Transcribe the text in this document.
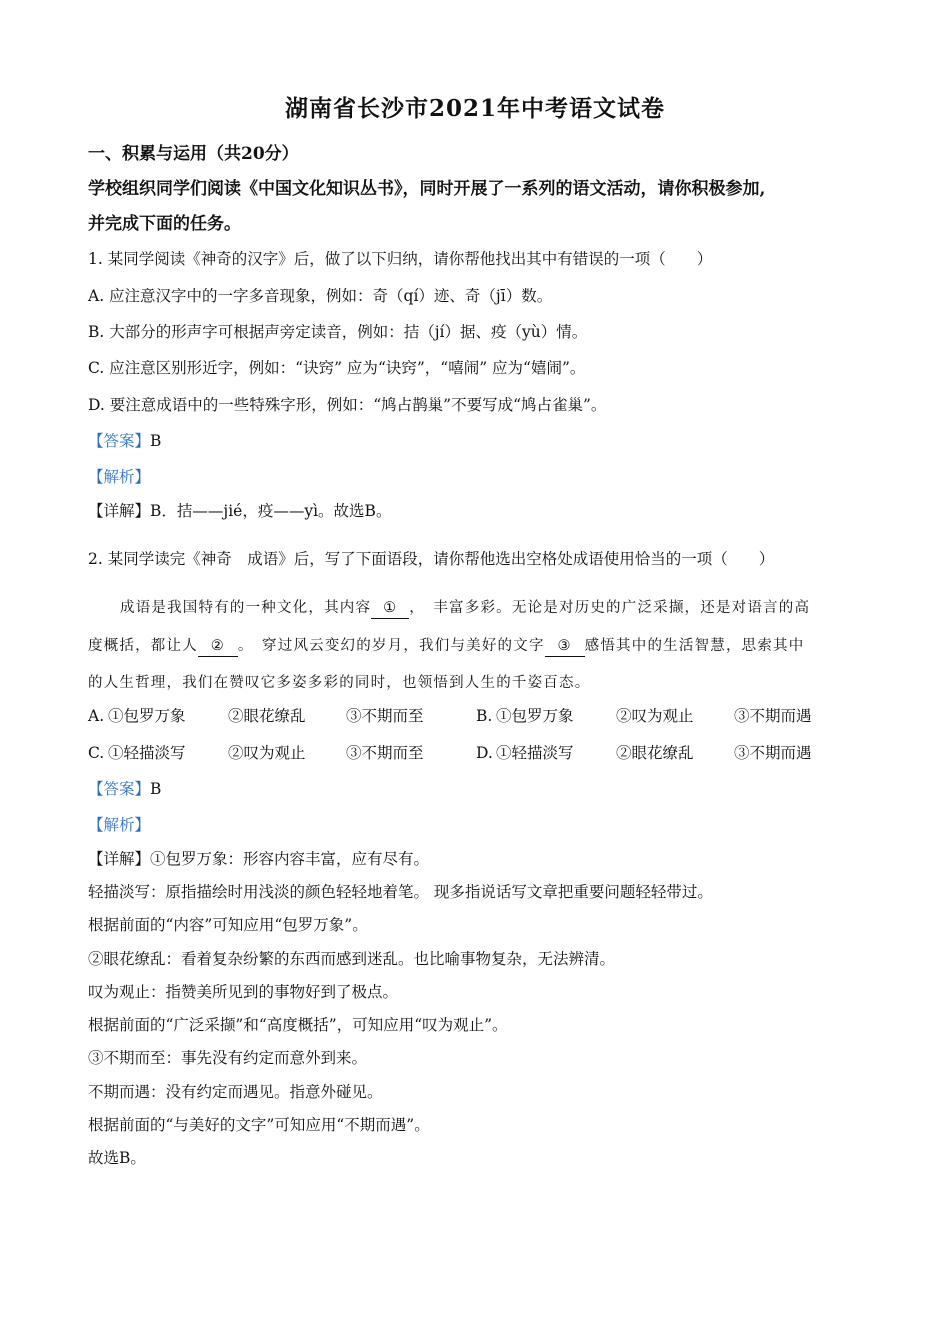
湖南省长沙市2021年中考语文试卷
一、积累与运用（共20分）
学校组织同学们阅读《中国文化知识丛书》，同时开展了一系列的语文活动，请你积极参加,
并完成下面的任务。
1. 某同学阅读《神奇的汉字》后，做了以下归纳，请你帮他找出其中有错误的一项（　　）
A. 应注意汉字中的一字多音现象，例如：奇（qí）迹、奇（jī）数。
B. 大部分的形声字可根据声旁定读音，例如：拮（jí）据、疫（yù）情。
C. 应注意区别形近字，例如：“诀窍” 应为“诀窍”，“嘻闹” 应为“嬉闹”。
D. 要注意成语中的一些特殊字形，例如：“鸠占鹊巢”不要写成“鸠占雀巢”。
【答案】B
【解析】
【详解】B．拮——jié，疫——yì。故选B。
2. 某同学读完《神奇　成语》后，写了下面语段，请你帮他选出空格处成语使用恰当的一项（　　）
成语是我国特有的一种文化，其内容 ① ，　丰富多彩。无论是对历史的广泛采撷，还是对语言的高
度概括，都让人 ② 。　穿过风云变幻的岁月，我们与美好的文字 ③ 感悟其中的生活智慧，思索其中
的人生哲理，我们在赞叹它多姿多彩的同时，也领悟到人生的千姿百态。
A. ①包罗万象	②眼花缭乱	③不期而至	B. ①包罗万象	②叹为观止	③不期而遇
C. ①轻描淡写	②叹为观止	③不期而至	D. ①轻描淡写	②眼花缭乱	③不期而遇
【答案】B
【解析】
【详解】①包罗万象：形容内容丰富，应有尽有。
轻描淡写：原指描绘时用浅淡的颜色轻轻地着笔。 现多指说话写文章把重要问题轻轻带过。
根据前面的“内容”可知应用“包罗万象”。
②眼花缭乱：看着复杂纷繁的东西而感到迷乱。也比喻事物复杂，无法辨清。
叹为观止：指赞美所见到的事物好到了极点。
根据前面的“广泛采撷”和“高度概括”，可知应用“叹为观止”。
③不期而至：事先没有约定而意外到来。
不期而遇：没有约定而遇见。指意外碰见。
根据前面的“与美好的文字”可知应用“不期而遇”。
故选B。
